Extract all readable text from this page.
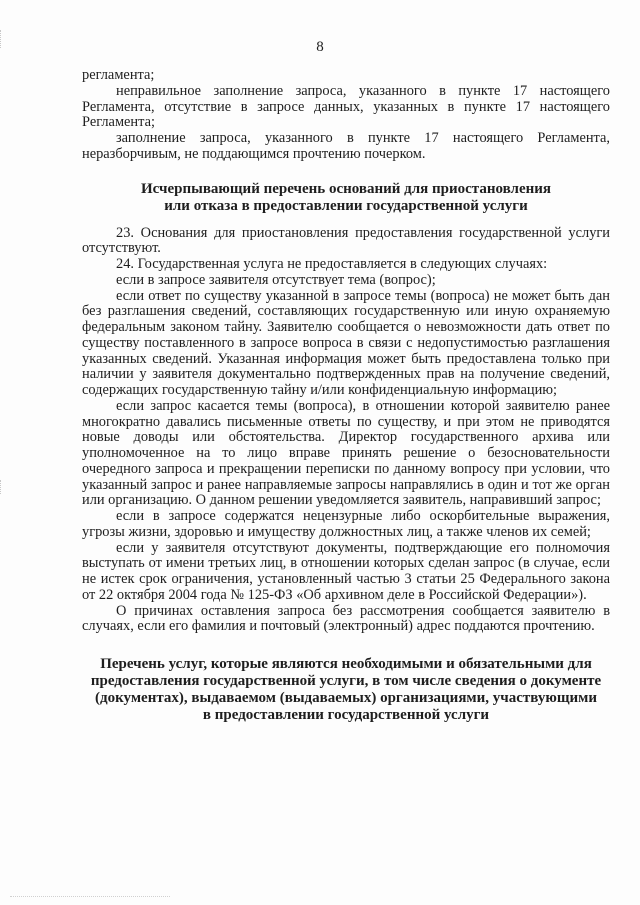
8

регламента;

неправильное заполнение запроса, указанного в пункте 17 настоящего Регламента, отсутствие в запросе данных, указанных в пункте 17 настоящего Регламента;

заполнение запроса, указанного в пункте 17 настоящего Регламента, неразборчивым, не поддающимся прочтению почерком.

Исчерпывающий перечень оснований для приостановления
или отказа в предоставлении государственной услуги

23. Основания для приостановления предоставления государственной услуги отсутствуют.

24. Государственная услуга не предоставляется в следующих случаях:

если в запросе заявителя отсутствует тема (вопрос);

если ответ по существу указанной в запросе темы (вопроса) не может быть дан без разглашения сведений, составляющих государственную или иную охраняемую федеральным законом тайну. Заявителю сообщается о невозможности дать ответ по существу поставленного в запросе вопроса в связи с недопустимостью разглашения указанных сведений. Указанная информация может быть предоставлена только при наличии у заявителя документально подтвержденных прав на получение сведений, содержащих государственную тайну и/или конфиденциальную информацию;

если запрос касается темы (вопроса), в отношении которой заявителю ранее многократно давались письменные ответы по существу, и при этом не приводятся новые доводы или обстоятельства. Директор государственного архива или уполномоченное на то лицо вправе принять решение о безосновательности очередного запроса и прекращении переписки по данному вопросу при условии, что указанный запрос и ранее направляемые запросы направлялись в один и тот же орган или организацию. О данном решении уведомляется заявитель, направивший запрос;

если в запросе содержатся нецензурные либо оскорбительные выражения, угрозы жизни, здоровью и имуществу должностных лиц, а также членов их семей;

если у заявителя отсутствуют документы, подтверждающие его полномочия выступать от имени третьих лиц, в отношении которых сделан запрос (в случае, если не истек срок ограничения, установленный частью 3 статьи 25 Федерального закона от 22 октября 2004 года № 125-ФЗ «Об архивном деле в Российской Федерации»).

О причинах оставления запроса без рассмотрения сообщается заявителю в случаях, если его фамилия и почтовый (электронный) адрес поддаются прочтению.

Перечень услуг, которые являются необходимыми и обязательными для
предоставления государственной услуги, в том числе сведения о документе
(документах), выдаваемом (выдаваемых) организациями, участвующими
в предоставлении государственной услуги
